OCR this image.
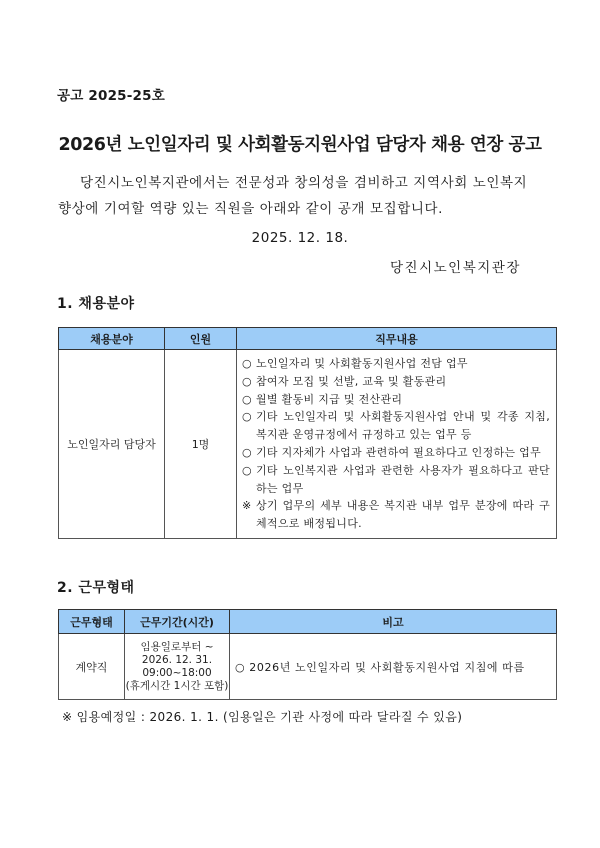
공고 2025-25호
2026년 노인일자리 및 사회활동지원사업 담당자 채용 연장 공고
당진시노인복지관에서는 전문성과 창의성을 겸비하고 지역사회 노인복지
향상에 기여할 역량 있는 직원을 아래와 같이 공개 모집합니다.
2025. 12. 18.
당진시노인복지관장
1. 채용분야
채용분야	인원	직무내용
노인일자리 담당자	1명	
○ 노인일자리 및 사회활동지원사업 전담 업무
○ 참여자 모집 및 선발, 교육 및 활동관리
○ 월별 활동비 지급 및 전산관리
○ 기타 노인일자리 및 사회활동지원사업 안내 및 각종 지침, 복지관 운영규정에서 규정하고 있는 업무 등
○ 기타 지자체가 사업과 관련하여 필요하다고 인정하는 업무
○ 기타 노인복지관 사업과 관련한 사용자가 필요하다고 판단하는 업무
※ 상기 업무의 세부 내용은 복지관 내부 업무 분장에 따라 구체적으로 배정됩니다.
2. 근무형태
근무형태	근무기간(시간)	비고
계약직	임용일로부터 ~
2026. 12. 31.
09:00~18:00
(휴게시간 1시간 포함)	○ 2026년 노인일자리 및 사회활동지원사업 지침에 따름
※ 임용예정일 : 2026. 1. 1. (임용일은 기관 사정에 따라 달라질 수 있음)
